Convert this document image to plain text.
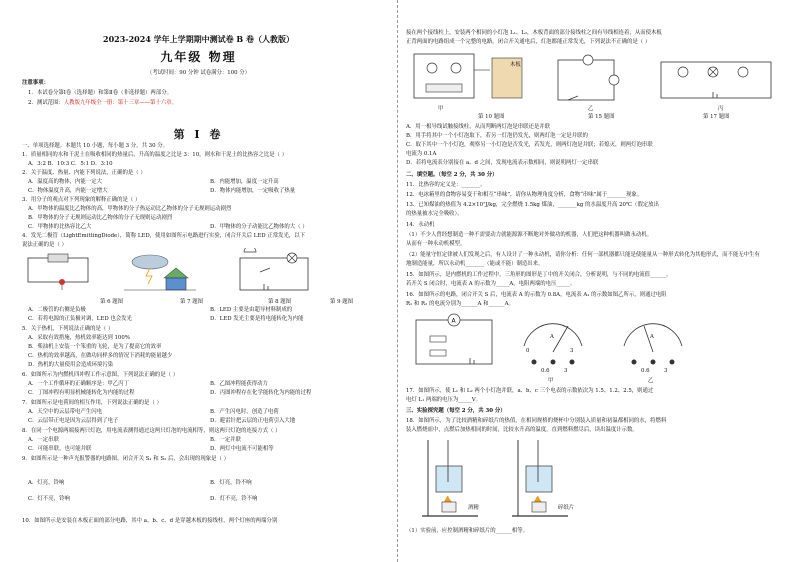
2023-2024 学年上学期期中测试卷 B 卷（人教版）
九年级 物理
（考试时间：90 分钟 试卷满分：100 分）
注意事项：
1．本试卷分第Ⅰ卷（选择题）和第Ⅱ卷（非选择题）两部分。
2．测试范围：人教版九年级全一册：第十三章——第十六章。
第 Ⅰ 卷
一、单项选择题。本题共 10 小题，每小题 3 分，共 30 分。
1．质量相同的水和干泥土在吸收相同的热量后，升高的温度之比是 3：10，则水和干泥土的比热容之比是（ ）
A．3:2 B．10:3 C．5:1 D．3:10
2．关于温度、热量、内能下列说法，正确的是（ ）
A．温度高的物体，内能一定大	B．内能增加，温度一定升高
C．物体温度升高，内能一定增大	D．物体内能增加，一定吸收了热量
3．用分子的观点对下列现象的解释正确的是（ ）
A．甲物体的温度比乙物体的高，甲物体的分子热运动比乙物体的分子无规则运动剧烈
B．甲物体的分子无规则运动比乙物体的分子无规则运动剧烈
C．甲物体的比热容比乙大	D．甲物体的分子动能比乙物体的大（ ）
4．发光二极管（LightEmittingDiode），简称 LED，使用如图所示电路进行实验，闭合开关后 LED 正常发光，以下
说法正确的是（ ）
第 6 题图	第 7 题图	第 8 题图	第 9 题图
A．二极管的右侧是负极	B．LED 主要是由超导材料制成的
C．若将电源的正负极对调，LED 也会发光	D．LED 发光主要是将电能转化为内能
5．关于热机，下列说法正确的是（ ）
A．采取有效措施，热机效率能达到 100%
B．柴油机上安装一个笨重的飞轮，是为了提高它的效率
C．热机的效率越高，在做功同样多的情况下消耗的能量越少
D．热机的大量使用会造成环境污染
6．如图所示为内燃机四冲程工作示意图，下列说法正确的是（ ）
A．一个工作循环的正确顺序是：甲乙丙丁	B．乙图冲程能获得动力
C．丁图冲程有明显机械能转化为内能的过程	D．丙图冲程存在化学能转化为内能的过程
7．如图所示是电荷间的相互作用，下列说法正确的是（ ）
A．天空中的云层带电产生闪电	B．产生闪电时，创造了电荷
C．云层带正电是因为云层得到了电子	D．避雷针把云层的正电荷引入大地
8．在同一个电源两端接两只灯泡，用电流表测得通过这两只灯泡的电流相等，则这两只灯泡的连接方式（ ）
A．一定串联	B．一定并联
C．可能串联，也可能并联	D．两灯中电流不可能相等
9．如图所示是一种声光报警器的电路图，闭合开关 S₁ 和 S₂ 后，会出现的现象是（ ）
A．灯亮，铃响	B．灯亮，铃不响
C．灯不亮，铃响	D．灯不亮，铃不响
10．如图所示是安装在木板正面的部分电路，其中 a、b、c、d 是穿越木板的接线柱，两个灯座的两端分别
接在两个接线柱上，安装两个相同的小灯泡 L₁、L₂，木板背面的部分接线柱之间有导线相连着，从而使木板
正背两面的电路组成一个完整的电路。闭合开关通电后，灯泡都能正常发光，下列说法不正确的是（ ）
木板
甲	乙	丙
第 10 题图	第 15 题图	第 17 题图
A．用一根导线试触接线柱，从而判断两灯泡是串联还是并联
B．用手将其中一个小灯泡取下，若另一灯泡仍发光，则两灯泡一定是并联的
C．取下其中一个小灯泡，观察另一小灯泡是否发光，若发光，则两灯泡是并联；若熄灭，则两灯泡串联
电流为 0.1A
D．若将电流表分别接在 a、d 之间，发现电流表示数相同，则说明两灯一定串联
二、填空题。（每空 2 分，共 30 分）
11．比热容的定义是：_______。
12．电冰箱里的食物容易变干和相互“串味”，请你从物理角度分析，食物“串味”属于_______现象。
13．已知煤油的热值为 4.2×10⁷J/kg，完全燃烧 1.5kg 煤油，_______kg 的水温度升高 20℃（假定放出
的热量被水完全吸收）。
14．永动机
（1）不少人曾经想制造一种不需要动力就能源源不断地对外做功的机器，人们把这种机器叫做永动机。
从而有一种永动机模型。
（2）能量守恒定律被人们发现之后，有人设计了一种永动机，请你分析：任何一部机器都只能是使能量从一种形式转化为其他形式，而不能无中生有
地制造能量，所以永动机_______（能或不能）制造出来。
15．如图所示，是内燃机的工作过程中，三角形的图形是丁中的开关闭合，分析说明，与不同的电流值______。
若开关 S 闭合时，电流表 A 的示数为_____A，电阻两端的电压_____。
16．如图所示的电路，闭合开关 S 后，电流表 A 的示数为 0.8A，电流表 A₁ 的示数如图乙所示，则通过电阻
R₁ 和 R₂ 的电流分别为______A 和______A。
A
A
0	3
0.6	3
甲
A
0.6	3
乙
17．如图所示，使 L₁ 和 L₂ 两个小灯泡并联，a、b、c 三个电表的示数依次为 1.5、1.2、2.5，则通过
电灯 L₁ 两端的电压为_____V。
三、实验探究题（每空 2 分，共 30 分）
18．如图所示，为了比较酒精和碎纸片的热值，在相同规格的烧杯中分别装入质量和初温都相同的水，将燃料
装入燃烧皿中，点燃后加热相同的时间，比较水升高的温度，直到燃料燃尽后，读出温度计示数。
酒精	碎纸片
（1）实验前，应控制酒精和碎纸片的______相等。
